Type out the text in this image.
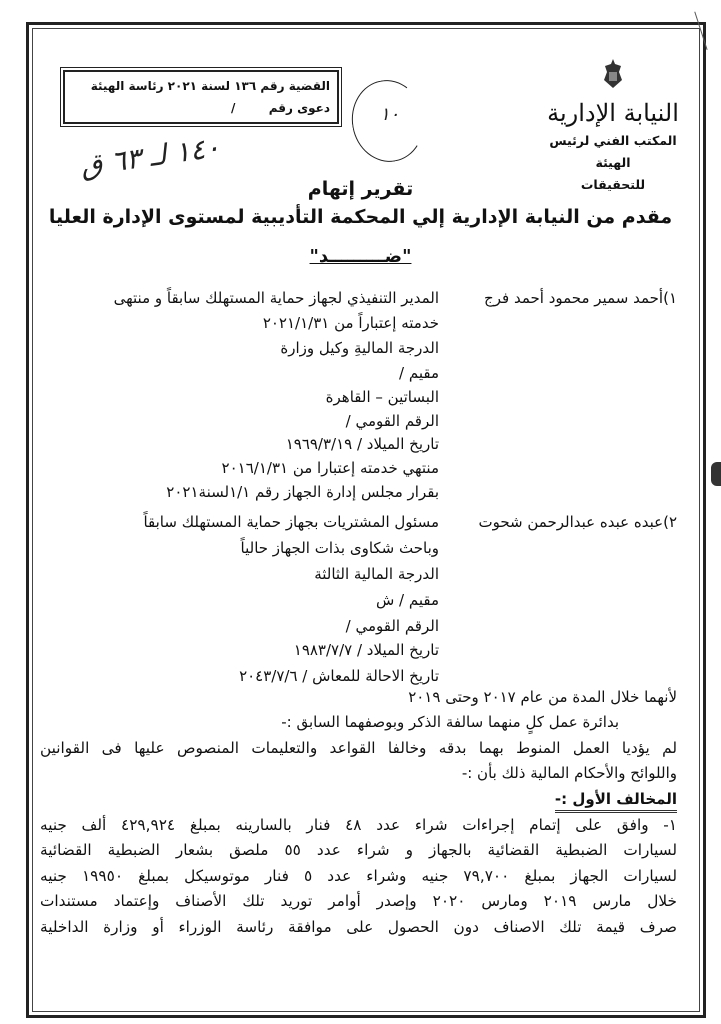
النيابة الإدارية
المكتب الفني لرئيس الهيئة
للتحقيقات
القضية رقم ١٣٦ لسنة ٢٠٢١ رئاسة الهيئة
دعوى رقم        /	١٠
١٤٠ لـ ٦٣ ق
تقرير إتهام
مقدم من النيابة الإدارية إلي المحكمة التأديبية لمستوى الإدارة العليا
"ضـــــــــد"
١)أحمد سمير محمود أحمد فرج
المدير التنفيذي لجهاز حماية المستهلك سابقاً و منتهى
خدمته إعتباراً من ٢٠٢١/١/٣١
الدرجة الماليةِ وكيل وزارة
مقيم /
البساتين – القاهرة
الرقم القومي /
تاريخ الميلاد / ١٩٦٩/٣/١٩
منتهي خدمته إعتبارا من ٢٠١٦/١/٣١
بقرار مجلس إدارة الجهاز رقم ١/١لسنة٢٠٢١
٢)عبده عبده عبدالرحمن شحوت
مسئول المشتريات بجهاز حماية المستهلك سابقاً
وباحث شكاوى بذات الجهاز حالياً
الدرجة المالية الثالثة
مقيم / ش
الرقم القومي /
تاريخ الميلاد / ١٩٨٣/٧/٧
تاريخ الاحالة للمعاش / ٢٠٤٣/٧/٦
لأنهما خلال المدة من عام ٢٠١٧ وحتى ٢٠١٩
بدائرة عمل كلٍ منهما سالفة الذكر وبوصفهما السابق :-
لم يؤديا العمل المنوط بهما بدقه وخالفا القواعد والتعليمات المنصوص عليها فى القوانين
واللوائح والأحكام المالية ذلك بأن :-
المخالف الأول :-
١- وافق على إتمام إجراءات شراء عدد ٤٨ فنار بالسارينه بمبلغ ٤٢٩,٩٢٤ ألف جنيه
لسيارات الضبطية القضائية بالجهاز و شراء عدد ٥٥ ملصق بشعار الضبطية القضائية
لسيارات الجهاز بمبلغ ٧٩,٧٠٠ جنيه وشراء عدد ٥ فنار موتوسيكل بمبلغ ١٩٩٥٠ جنيه
خلال مارس ٢٠١٩ ومارس ٢٠٢٠ وإصدر أوامر توريد تلك الأصناف وإعتماد مستندات
صرف قيمة تلك الاصناف دون الحصول على موافقة رئاسة الوزراء أو وزارة الداخلية
